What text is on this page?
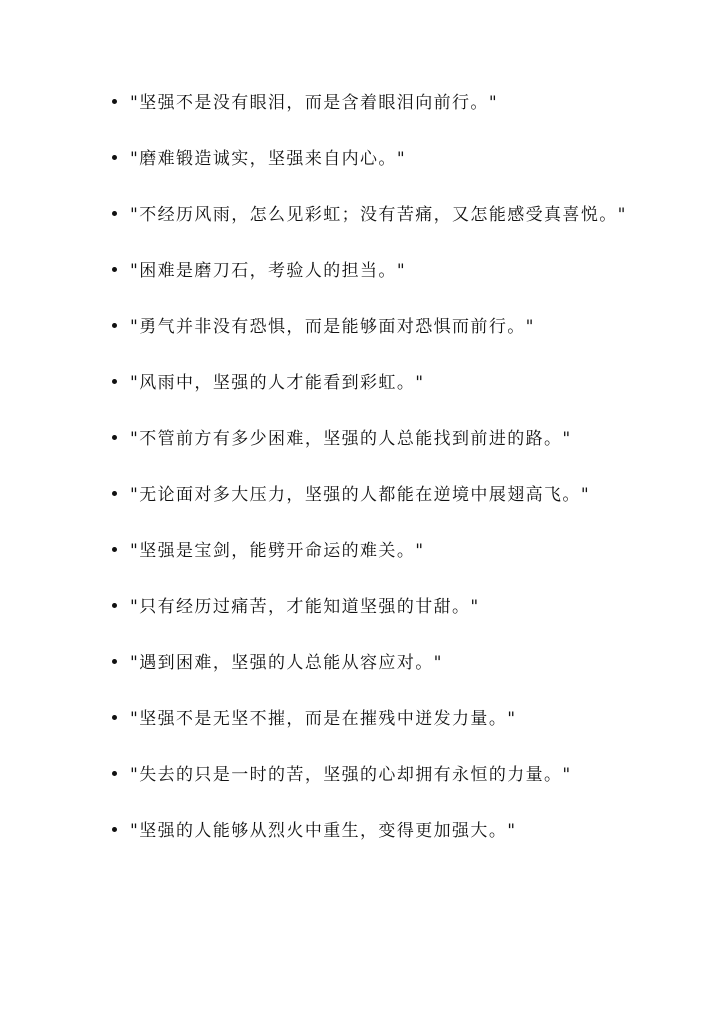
"坚强不是没有眼泪，而是含着眼泪向前行。"
"磨难锻造诚实，坚强来自内心。"
"不经历风雨，怎么见彩虹；没有苦痛，又怎能感受真喜悦。"
"困难是磨刀石，考验人的担当。"
"勇气并非没有恐惧，而是能够面对恐惧而前行。"
"风雨中，坚强的人才能看到彩虹。"
"不管前方有多少困难，坚强的人总能找到前进的路。"
"无论面对多大压力，坚强的人都能在逆境中展翅高飞。"
"坚强是宝剑，能劈开命运的难关。"
"只有经历过痛苦，才能知道坚强的甘甜。"
"遇到困难，坚强的人总能从容应对。"
"坚强不是无坚不摧，而是在摧残中迸发力量。"
"失去的只是一时的苦，坚强的心却拥有永恒的力量。"
"坚强的人能够从烈火中重生，变得更加强大。"
